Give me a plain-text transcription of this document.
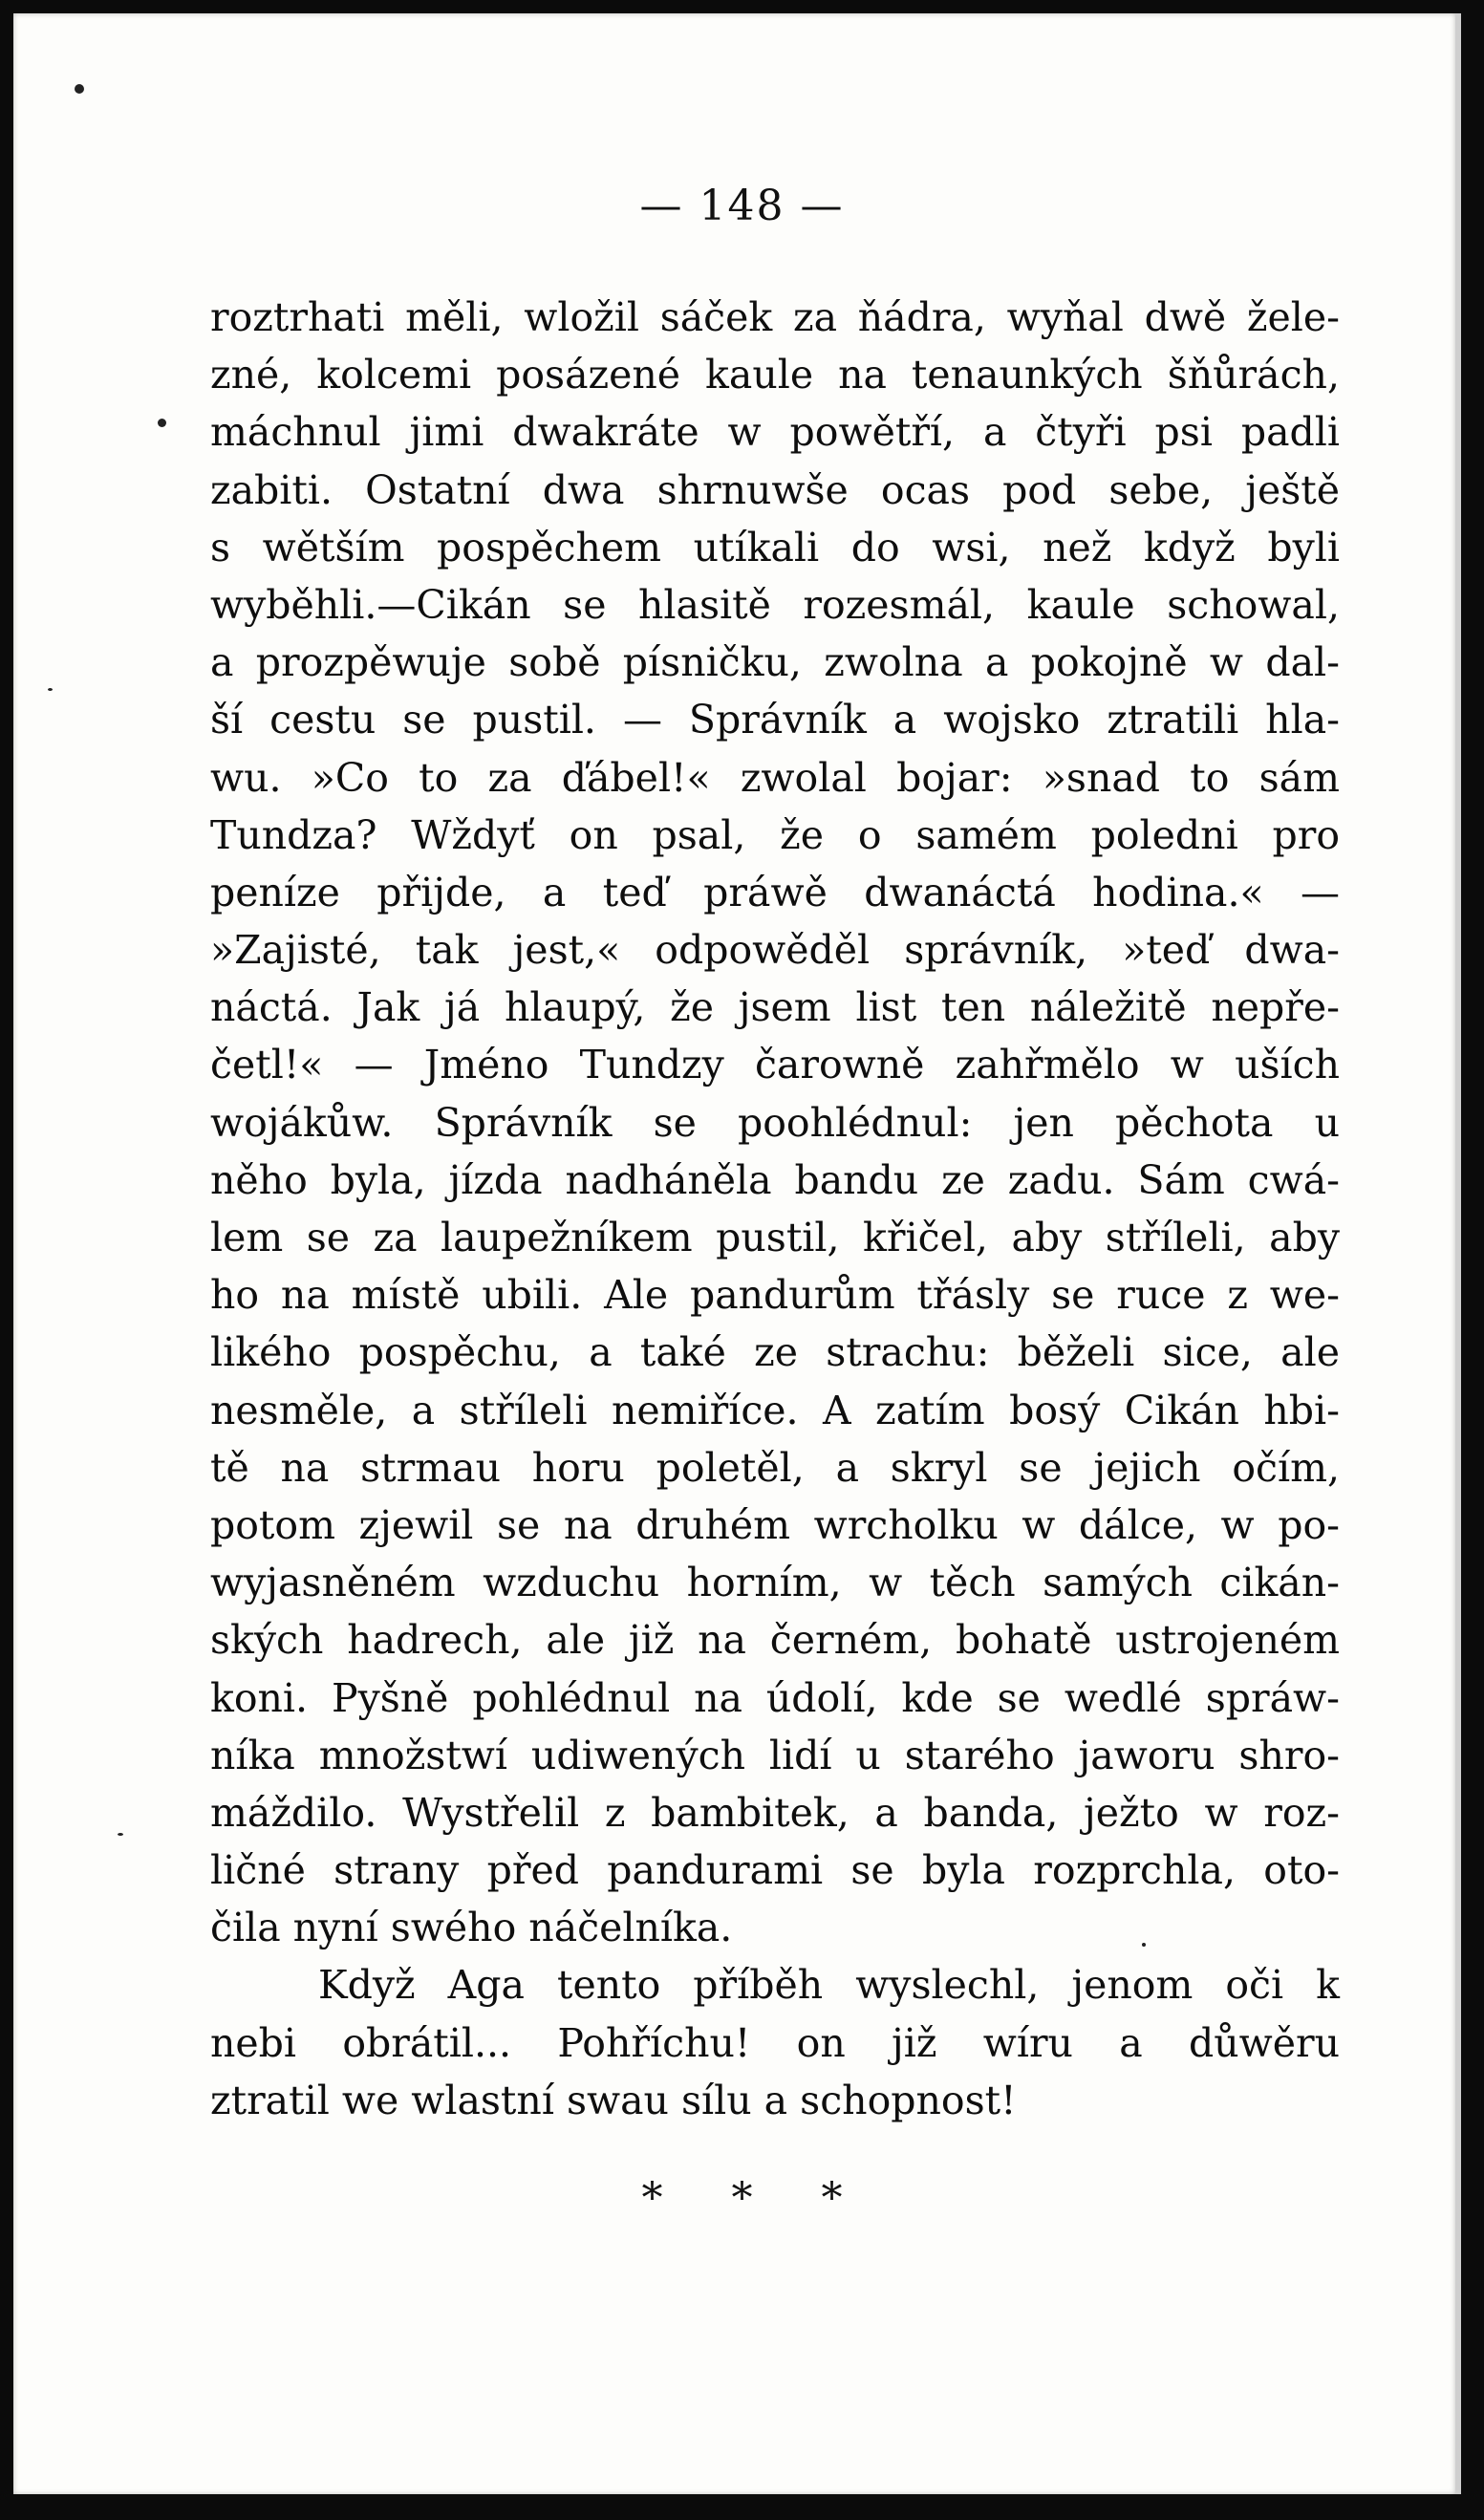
— 148 —
roztrhati měli, wložil sáček za ňádra, wyňal dwě žele-
zné, kolcemi posázené kaule na tenaunkých šňůrách,
máchnul jimi dwakráte w powětří, a čtyři psi padli
zabiti. Ostatní dwa shrnuwše ocas pod sebe, ještě
s wětším pospěchem utíkali do wsi, než když byli
wyběhli.—Cikán se hlasitě rozesmál, kaule schowal,
a prozpěwuje sobě písničku, zwolna a pokojně w dal-
ší cestu se pustil. — Správník a wojsko ztratili hla-
wu. »Co to za ďábel!« zwolal bojar: »snad to sám
Tundza? Wždyť on psal, že o samém poledni pro
peníze přijde, a teď práwě dwanáctá hodina.« —
»Zajisté, tak jest,« odpowěděl správník, »teď dwa-
náctá. Jak já hlaupý, že jsem list ten náležitě nepře-
četl!« — Jméno Tundzy čarowně zahřmělo w uších
wojákůw. Správník se poohlédnul: jen pěchota u
něho byla, jízda nadháněla bandu ze zadu. Sám cwá-
lem se za laupežníkem pustil, křičel, aby stříleli, aby
ho na místě ubili. Ale pandurům třásly se ruce z we-
likého pospěchu, a také ze strachu: běželi sice, ale
nesměle, a stříleli nemiříce. A zatím bosý Cikán hbi-
tě na strmau horu poletěl, a skryl se jejich očím,
potom zjewil se na druhém wrcholku w dálce, w po-
wyjasněném wzduchu horním, w těch samých cikán-
ských hadrech, ale již na černém, bohatě ustrojeném
koni. Pyšně pohlédnul na údolí, kde se wedlé spráw-
níka množstwí udiwených lidí u starého jaworu shro-
máždilo. Wystřelil z bambitek, a banda, ježto w roz-
ličné strany před pandurami se byla rozprchla, oto-
čila nyní swého náčelníka.
Když Aga tento příběh wyslechl, jenom oči k
nebi obrátil... Pohříchu! on již wíru a důwěru
ztratil we wlastní swau sílu a schopnost!
* * *
